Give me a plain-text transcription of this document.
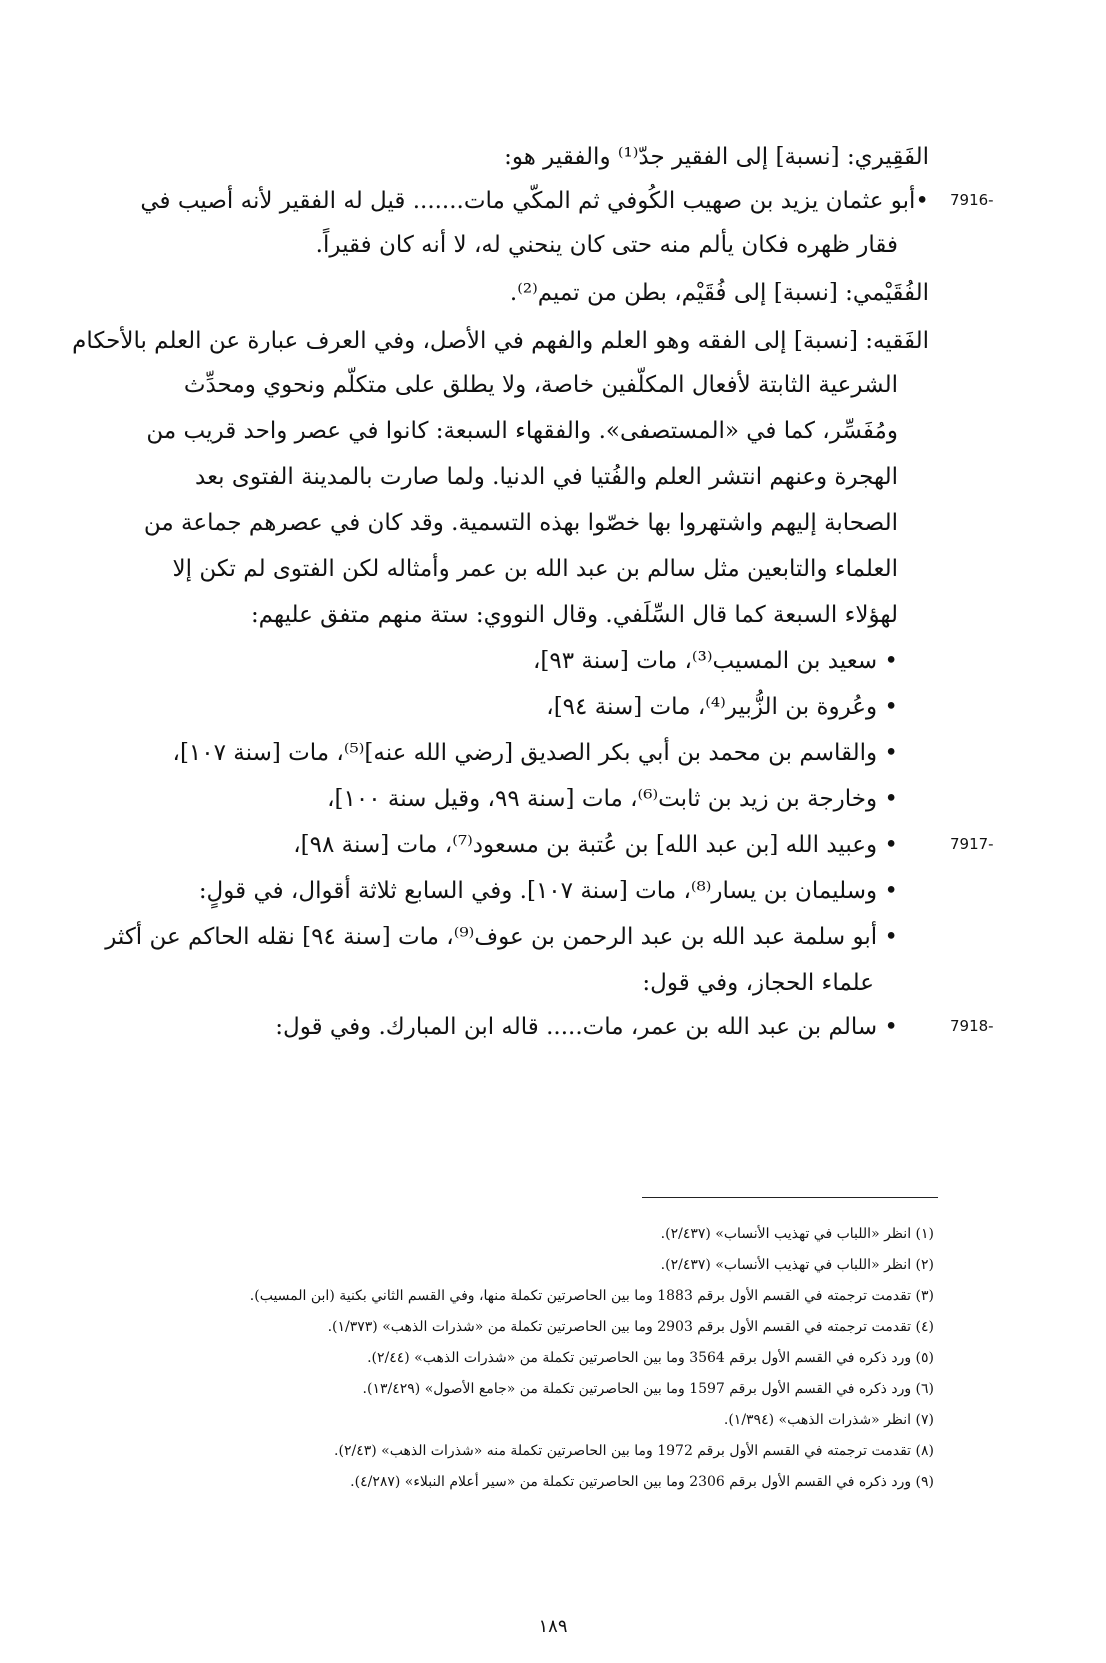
الفَقِيري: [نسبة] إلى الفقير جدّ⁽¹⁾ والفقير هو:
7916-
•أبو عثمان يزيد بن صهيب الكُوفي ثم المكّي مات....... قيل له الفقير لأنه أصيب في
فقار ظهره فكان يألم منه حتى كان ينحني له، لا أنه كان فقيراً.
الفُقَيْمي: [نسبة] إلى فُقَيْم، بطن من تميم⁽²⁾.
الفَقيه: [نسبة] إلى الفقه وهو العلم والفهم في الأصل، وفي العرف عبارة عن العلم بالأحكام
الشرعية الثابتة لأفعال المكلّفين خاصة، ولا يطلق على متكلّم ونحوي ومحدِّث
ومُفَسِّر، كما في «المستصفى». والفقهاء السبعة: كانوا في عصر واحد قريب من
الهجرة وعنهم انتشر العلم والفُتيا في الدنيا. ولما صارت بالمدينة الفتوى بعد
الصحابة إليهم واشتهروا بها خصّوا بهذه التسمية. وقد كان في عصرهم جماعة من
العلماء والتابعين مثل سالم بن عبد الله بن عمر وأمثاله لكن الفتوى لم تكن إلا
لهؤلاء السبعة كما قال السِّلَفي. وقال النووي: ستة منهم متفق عليهم:
• سعيد بن المسيب⁽³⁾، مات [سنة ٩٣]،
• وعُروة بن الزُّبير⁽⁴⁾، مات [سنة ٩٤]،
• والقاسم بن محمد بن أبي بكر الصديق [رضي الله عنه]⁽⁵⁾، مات [سنة ١٠٧]،
• وخارجة بن زيد بن ثابت⁽⁶⁾، مات [سنة ٩٩، وقيل سنة ١٠٠]،
7917-
• وعبيد الله [بن عبد الله] بن عُتبة بن مسعود⁽⁷⁾، مات [سنة ٩٨]،
• وسليمان بن يسار⁽⁸⁾، مات [سنة ١٠٧]. وفي السابع ثلاثة أقوال، في قولٍ:
• أبو سلمة عبد الله بن عبد الرحمن بن عوف⁽⁹⁾، مات [سنة ٩٤] نقله الحاكم عن أكثر
علماء الحجاز، وفي قول:
7918-
• سالم بن عبد الله بن عمر، مات..... قاله ابن المبارك. وفي قول:
(١) انظر «اللباب في تهذيب الأنساب» (٢/٤٣٧).
(٢) انظر «اللباب في تهذيب الأنساب» (٢/٤٣٧).
(٣) تقدمت ترجمته في القسم الأول برقم 1883 وما بين الحاصرتين تكملة منها، وفي القسم الثاني بكنية (ابن المسيب).
(٤) تقدمت ترجمته في القسم الأول برقم 2903 وما بين الحاصرتين تكملة من «شذرات الذهب» (١/٣٧٣).
(٥) ورد ذكره في القسم الأول برقم 3564 وما بين الحاصرتين تكملة من «شذرات الذهب» (٢/٤٤).
(٦) ورد ذكره في القسم الأول برقم 1597 وما بين الحاصرتين تكملة من «جامع الأصول» (١٣/٤٢٩).
(٧) انظر «شذرات الذهب» (١/٣٩٤).
(٨) تقدمت ترجمته في القسم الأول برقم 1972 وما بين الحاصرتين تكملة منه «شذرات الذهب» (٢/٤٣).
(٩) ورد ذكره في القسم الأول برقم 2306 وما بين الحاصرتين تكملة من «سير أعلام النبلاء» (٤/٢٨٧).
١٨٩
